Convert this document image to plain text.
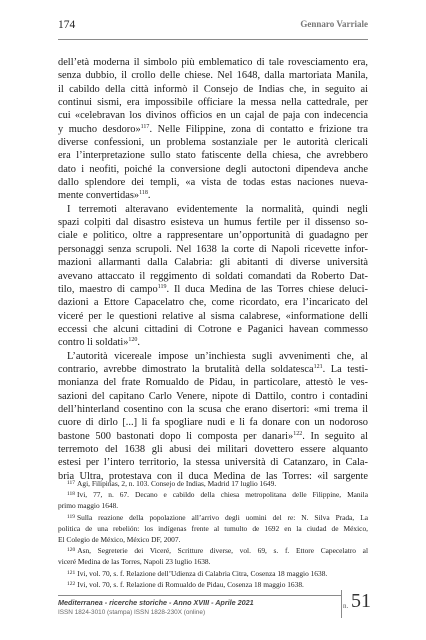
174	Gennaro Varriale
dell’età moderna il simbolo più emblematico di tale rovesciamento era,
senza dubbio, il crollo delle chiese. Nel 1648, dalla martoriata Manila,
il cabildo della città informò il Consejo de Indias che, in seguito ai
continui sismi, era impossibile officiare la messa nella cattedrale, per
cui «celebravan los divinos officios en un cajal de paja con indecencia
y mucho desdoro»$^{117}$. Nelle Filippine, zona di contatto e frizione tra
diverse confessioni, un problema sostanziale per le autorità clericali
era l’interpretazione sullo stato fatiscente della chiesa, che avrebbero
dato i neofiti, poiché la conversione degli autoctoni dipendeva anche
dallo splendore dei templi, «a vista de todas estas naciones nueva-
mente convertidas»$^{118}$.
I terremoti alteravano evidentemente la normalità, quindi negli
spazi colpiti dal disastro esisteva un humus fertile per il dissenso so-
ciale e politico, oltre a rappresentare un’opportunità di guadagno per
personaggi senza scrupoli. Nel 1638 la corte di Napoli ricevette infor-
mazioni allarmanti dalla Calabria: gli abitanti di diverse università
avevano attaccato il reggimento di soldati comandati da Roberto Dat-
tilo, maestro di campo$^{119}$. Il duca Medina de las Torres chiese deluci-
dazioni a Ettore Capacelatro che, come ricordato, era l’incaricato del
viceré per le questioni relative al sisma calabrese, «informatione delli
eccessi che alcuni cittadini di Cotrone e Paganici havean commesso
contro li soldati»$^{120}$.
L’autorità vicereale impose un’inchiesta sugli avvenimenti che, al
contrario, avrebbe dimostrato la brutalità della soldatesca$^{121}$. La testi-
monianza del frate Romualdo de Pidau, in particolare, attestò le ves-
sazioni del capitano Carlo Venere, nipote di Dattilo, contro i contadini
dell’hinterland cosentino con la scusa che erano disertori: «mi trema il
cuore di dirlo [...] li fa spogliare nudi e li fa donare con un nodoroso
bastone 500 bastonati dopo li composta per danari»$^{122}$. In seguito al
terremoto del 1638 gli abusi dei militari dovettero essere alquanto
estesi per l’intero territorio, la stessa università di Catanzaro, in Cala-
bria Ultra, protestava con il duca Medina de las Torres: «il sargente
$^{117}$ Agi, Filipinas, 2, n. 103. Consejo de Indias, Madrid 17 luglio 1649.
$^{118}$ Ivi, 77, n. 67. Decano e cabildo della chiesa metropolitana delle Filippine, Manila
primo maggio 1648.
$^{119}$ Sulla reazione della popolazione all’arrivo degli uomini del re: N. Silva Prada, La
politica de una rebelión: los indígenas frente al tumulto de 1692 en la ciudad de México,
El Colegio de México, México DF, 2007.
$^{120}$ Asn, Segreterie dei Viceré, Scritture diverse, vol. 69, s. f. Ettore Capecelatro al
viceré Medina de las Torres, Napoli 23 luglio 1638.
$^{121}$ Ivi, vol. 70, s. f. Relazione dell’Udienza di Calabria Citra, Cosenza 18 maggio 1638.
$^{122}$ Ivi, vol. 70, s. f. Relazione di Romualdo de Pidau, Cosenza 18 maggio 1638.
Mediterranea - ricerche storiche - Anno XVIII - Aprile 2021
ISSN 1824-3010 (stampa) ISSN 1828-230X (online)
n. 51
